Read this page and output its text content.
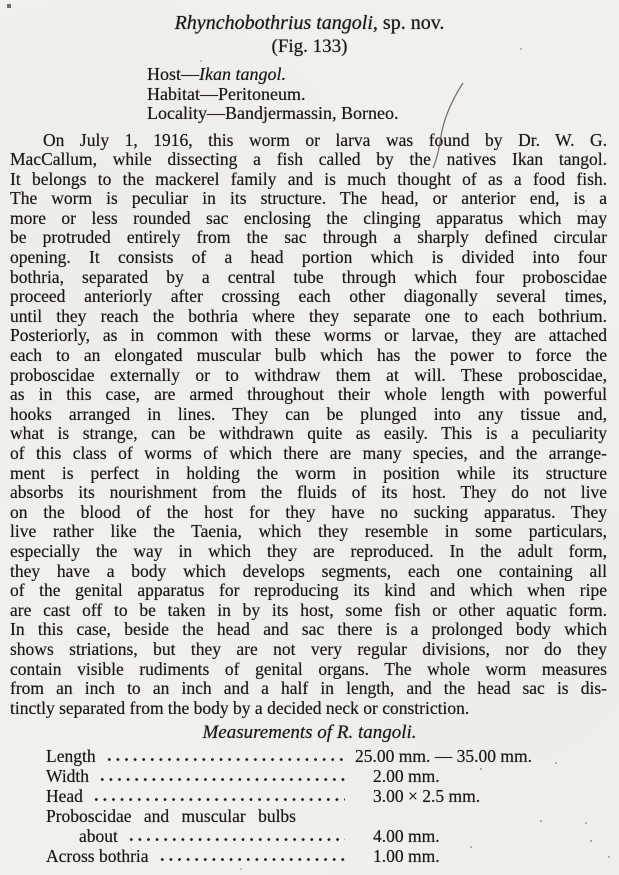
Rhynchobothrius tangoli, sp. nov.
(Fig. 133)
Host—Ikan tangol.
Habitat—Peritoneum.
Locality—Bandjermassin, Borneo.
On July 1, 1916, this worm or larva was found by Dr. W. G.
MacCallum, while dissecting a fish called by the natives Ikan tangol.
It belongs to the mackerel family and is much thought of as a food fish.
The worm is peculiar in its structure. The head, or anterior end, is a
more or less rounded sac enclosing the clinging apparatus which may
be protruded entirely from the sac through a sharply defined circular
opening. It consists of a head portion which is divided into four
bothria, separated by a central tube through which four proboscidae
proceed anteriorly after crossing each other diagonally several times,
until they reach the bothria where they separate one to each bothrium.
Posteriorly, as in common with these worms or larvae, they are attached
each to an elongated muscular bulb which has the power to force the
proboscidae externally or to withdraw them at will. These proboscidae,
as in this case, are armed throughout their whole length with powerful
hooks arranged in lines. They can be plunged into any tissue and,
what is strange, can be withdrawn quite as easily. This is a peculiarity
of this class of worms of which there are many species, and the arrange-
ment is perfect in holding the worm in position while its structure
absorbs its nourishment from the fluids of its host. They do not live
on the blood of the host for they have no sucking apparatus. They
live rather like the Taenia, which they resemble in some particulars,
especially the way in which they are reproduced. In the adult form,
they have a body which develops segments, each one containing all
of the genital apparatus for reproducing its kind and which when ripe
are cast off to be taken in by its host, some fish or other aquatic form.
In this case, beside the head and sac there is a prolonged body which
shows striations, but they are not very regular divisions, nor do they
contain visible rudiments of genital organs. The whole worm measures
from an inch to an inch and a half in length, and the head sac is dis-
tinctly separated from the body by a decided neck or constriction.
Measurements of R. tangoli.
Length	25.00 mm. — 35.00 mm.
Width	2.00 mm.
Head	3.00 × 2.5 mm.
Proboscidae and muscular bulbs
about	4.00 mm.
Across bothria	1.00 mm.
